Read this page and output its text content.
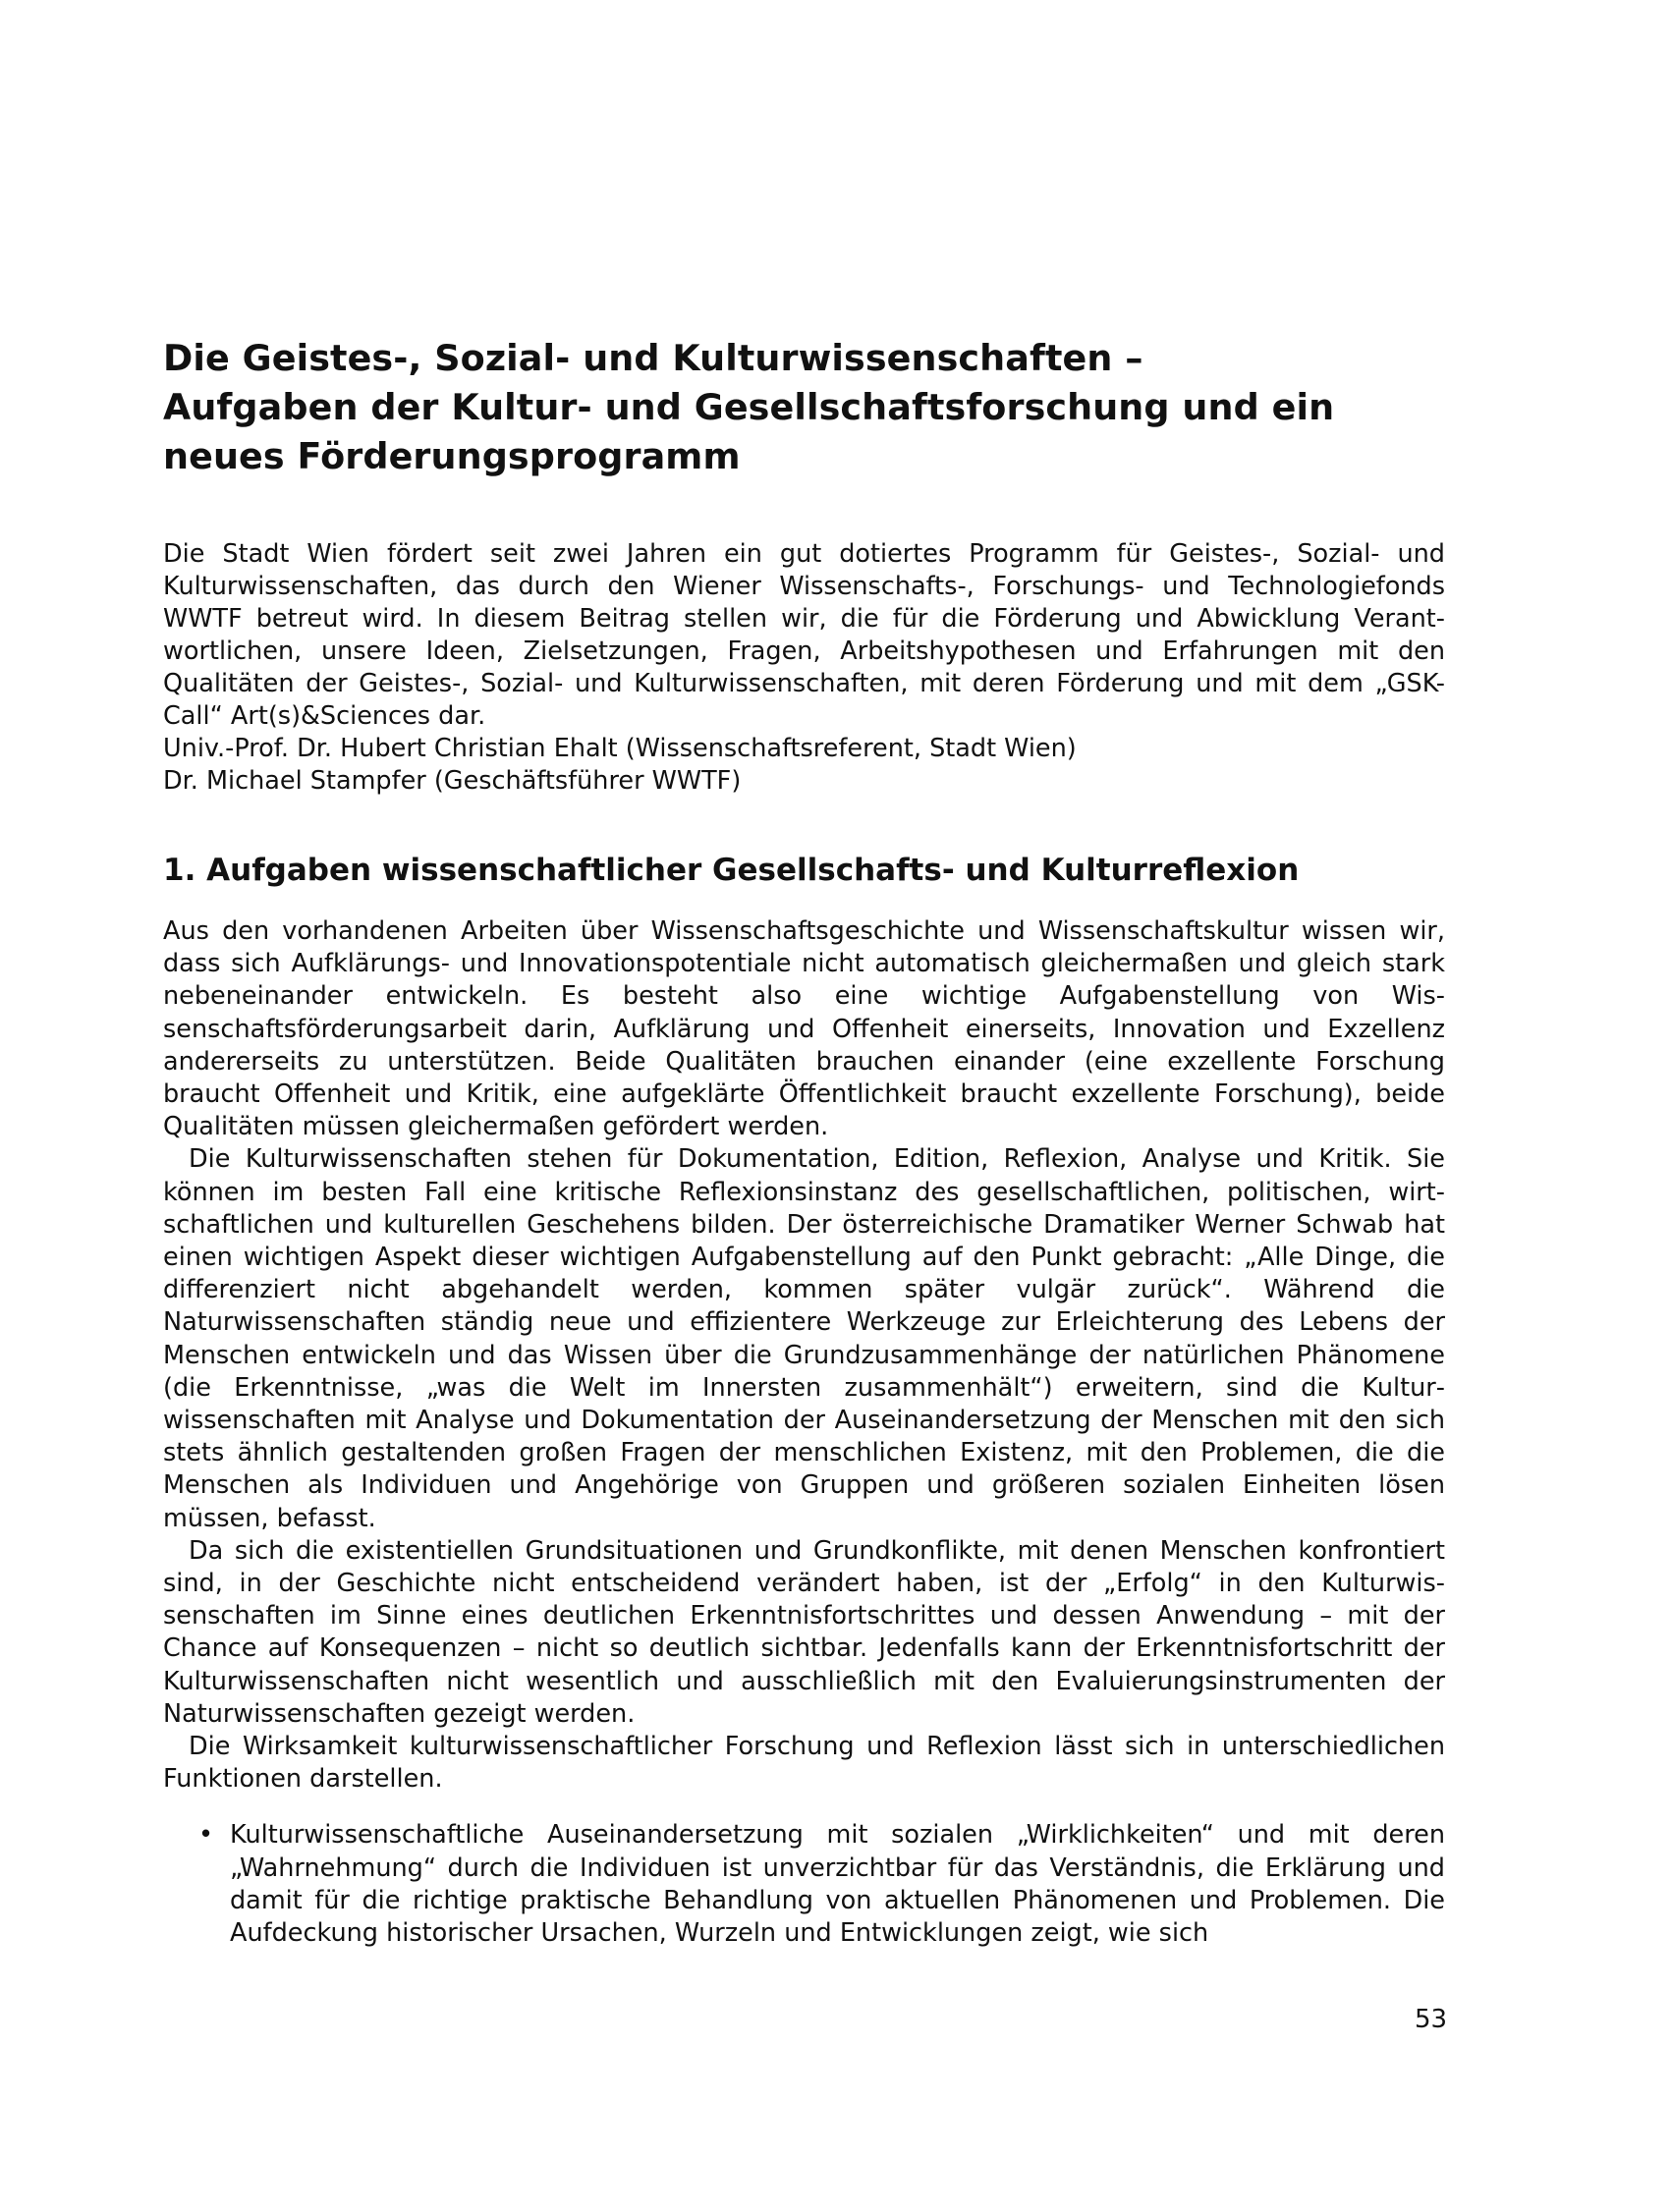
Die Geistes-, Sozial- und Kulturwissenschaften –
Aufgaben der Kultur- und Gesellschaftsforschung und ein
neues Förderungsprogramm

Die Stadt Wien fördert seit zwei Jahren ein gut dotiertes Programm für Geistes-, Sozial- und Kulturwissenschaften, das durch den Wiener Wissenschafts-, Forschungs- und Technologiefonds WWTF betreut wird. In diesem Beitrag stellen wir, die für die Förderung und Abwicklung Verantwortlichen, unsere Ideen, Zielsetzungen, Fragen, Arbeitshypothesen und Erfahrungen mit den Qualitäten der Geistes-, Sozial- und Kulturwissenschaften, mit deren Förderung und mit dem „GSK-Call“ Art(s)&Sciences dar.

Univ.-Prof. Dr. Hubert Christian Ehalt (Wissenschaftsreferent, Stadt Wien)
Dr. Michael Stampfer (Geschäftsführer WWTF)
1. Aufgaben wissenschaftlicher Gesellschafts- und Kulturreflexion

Aus den vorhandenen Arbeiten über Wissenschaftsgeschichte und Wissenschaftskultur wissen wir, dass sich Aufklärungs- und Innovationspotentiale nicht automatisch gleichermaßen und gleich stark nebeneinander entwickeln. Es besteht also eine wichtige Aufgabenstellung von Wissenschaftsförderungsarbeit darin, Aufklärung und Offenheit einerseits, Innovation und Exzellenz andererseits zu unterstützen. Beide Qualitäten brauchen einander (eine exzellente Forschung braucht Offenheit und Kritik, eine aufgeklärte Öffentlichkeit braucht exzellente Forschung), beide Qualitäten müssen gleichermaßen gefördert werden.

Die Kulturwissenschaften stehen für Dokumentation, Edition, Reflexion, Analyse und Kritik. Sie können im besten Fall eine kritische Reflexionsinstanz des gesellschaftlichen, politischen, wirtschaftlichen und kulturellen Geschehens bilden. Der österreichische Dramatiker Werner Schwab hat einen wichtigen Aspekt dieser wichtigen Aufgabenstellung auf den Punkt gebracht: „Alle Dinge, die differenziert nicht abgehandelt werden, kommen später vulgär zurück“. Während die Naturwissenschaften ständig neue und effizientere Werkzeuge zur Erleichterung des Lebens der Menschen entwickeln und das Wissen über die Grundzusammenhänge der natürlichen Phänomene (die Erkenntnisse, „was die Welt im Innersten zusammenhält“) erweitern, sind die Kulturwissenschaften mit Analyse und Dokumentation der Auseinandersetzung der Menschen mit den sich stets ähnlich gestaltenden großen Fragen der menschlichen Existenz, mit den Problemen, die die Menschen als Individuen und Angehörige von Gruppen und größeren sozialen Einheiten lösen müssen, befasst.

Da sich die existentiellen Grundsituationen und Grundkonflikte, mit denen Menschen konfrontiert sind, in der Geschichte nicht entscheidend verändert haben, ist der „Erfolg“ in den Kulturwissenschaften im Sinne eines deutlichen Erkenntnisfortschrittes und dessen Anwendung – mit der Chance auf Konsequenzen – nicht so deutlich sichtbar. Jedenfalls kann der Erkenntnisfortschritt der Kulturwissenschaften nicht wesentlich und ausschließlich mit den Evaluierungsinstrumenten der Naturwissenschaften gezeigt werden.

Die Wirksamkeit kulturwissenschaftlicher Forschung und Reflexion lässt sich in unterschiedlichen Funktionen darstellen.

• Kulturwissenschaftliche Auseinandersetzung mit sozialen „Wirklichkeiten“ und mit deren „Wahrnehmung“ durch die Individuen ist unverzichtbar für das Verständnis, die Erklärung und damit für die richtige praktische Behandlung von aktuellen Phänomenen und Problemen. Die Aufdeckung historischer Ursachen, Wurzeln und Entwicklungen zeigt, wie sich
53
